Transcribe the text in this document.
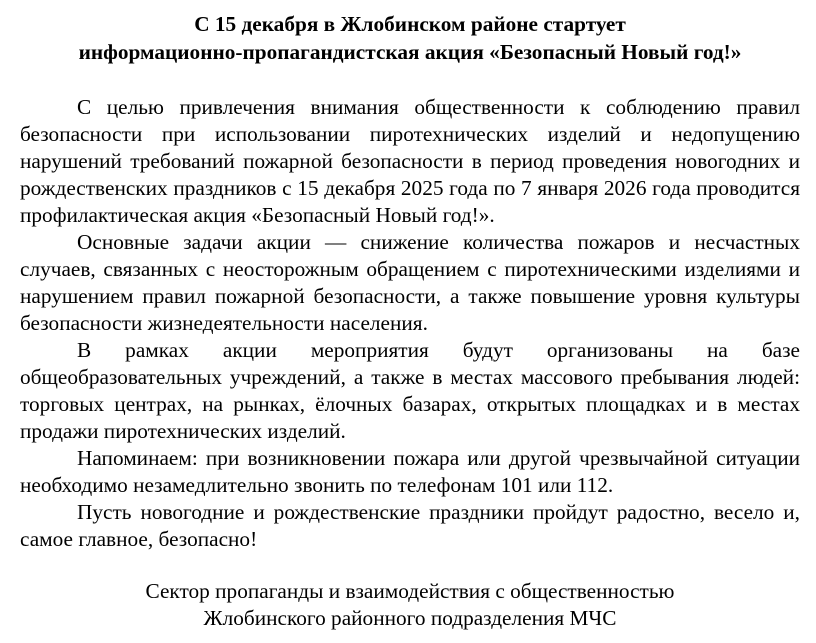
С 15 декабря в Жлобинском районе стартует
информационно‑пропагандистская акция «Безопасный Новый год!»

С целью привлечения внимания общественности к соблюдению правил безопасности при использовании пиротехнических изделий и недопущению нарушений требований пожарной безопасности в период проведения новогодних и рождественских праздников с 15 декабря 2025 года по 7 января 2026 года проводится профилактическая акция «Безопасный Новый год!».

Основные задачи акции — снижение количества пожаров и несчастных случаев, связанных с неосторожным обращением с пиротехническими изделиями и нарушением правил пожарной безопасности, а также повышение уровня культуры безопасности жизнедеятельности населения.

В рамках акции мероприятия будут организованы на базе общеобразовательных учреждений, а также в местах массового пребывания людей: торговых центрах, на рынках, ёлочных базарах, открытых площадках и в местах продажи пиротехнических изделий.

Напоминаем: при возникновении пожара или другой чрезвычайной ситуации необходимо незамедлительно звонить по телефонам 101 или 112.

Пусть новогодние и рождественские праздники пройдут радостно, весело и, самое главное, безопасно!

Сектор пропаганды и взаимодействия с общественностью
Жлобинского районного подразделения МЧС
